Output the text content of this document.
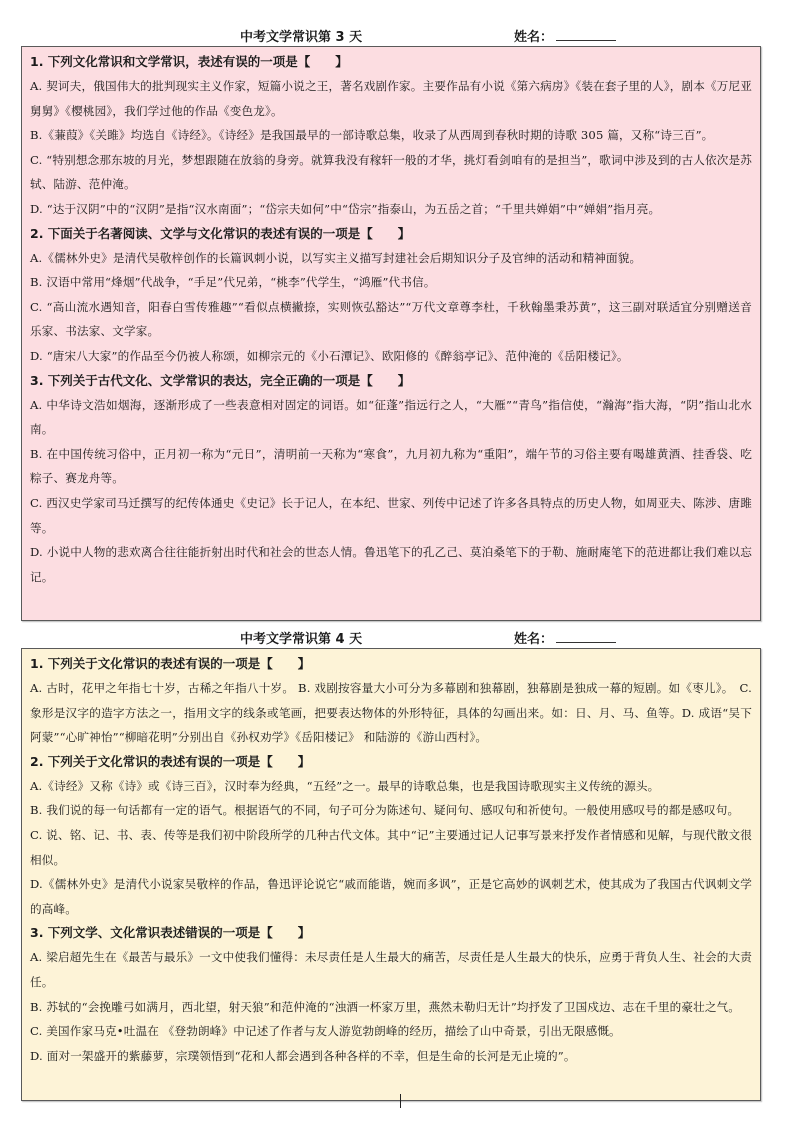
中考文学常识第 3 天	姓名：

1. 下列文化常识和文学常识，表述有误的一项是【　　】

A. 契诃夫，俄国伟大的批判现实主义作家，短篇小说之王，著名戏剧作家。主要作品有小说《第六病房》《装在套子里的人》，剧本《万尼亚舅舅》《樱桃园》，我们学过他的作品《变色龙》。

B.《蒹葭》《关雎》均选自《诗经》。《诗经》是我国最早的一部诗歌总集，收录了从西周到春秋时期的诗歌 305 篇，又称“诗三百”。

C. “特别想念那东坡的月光，梦想跟随在放翁的身旁。就算我没有稼轩一般的才华，挑灯看剑咱有的是担当”，歌词中涉及到的古人依次是苏轼、陆游、范仲淹。

D. “达于汉阴”中的“汉阴”是指“汉水南面”；“岱宗夫如何”中“岱宗”指泰山，为五岳之首；“千里共婵娟”中“婵娟”指月亮。

2. 下面关于名著阅读、文学与文化常识的表述有误的一项是【　　】

A.《儒林外史》是清代吴敬梓创作的长篇讽刺小说，以写实主义描写封建社会后期知识分子及官绅的活动和精神面貌。

B. 汉语中常用“烽烟”代战争，“手足”代兄弟，“桃李”代学生，“鸿雁”代书信。

C. “高山流水遇知音，阳春白雪传雅趣”“看似点横撇捺，实则恢弘豁达”“万代文章尊李杜，千秋翰墨秉苏黄”，这三副对联适宜分别赠送音乐家、书法家、文学家。

D. “唐宋八大家”的作品至今仍被人称颂，如柳宗元的《小石潭记》、欧阳修的《醉翁亭记》、范仲淹的《岳阳楼记》。

3. 下列关于古代文化、文学常识的表达，完全正确的一项是【　　】

A. 中华诗文浩如烟海，逐渐形成了一些表意相对固定的词语。如“征蓬”指远行之人，“大雁”“青鸟”指信使，“瀚海”指大海，“阴”指山北水南。

B. 在中国传统习俗中，正月初一称为“元日”，清明前一天称为“寒食”，九月初九称为“重阳”，端午节的习俗主要有喝雄黄酒、挂香袋、吃粽子、赛龙舟等。

C. 西汉史学家司马迁撰写的纪传体通史《史记》长于记人，在本纪、世家、列传中记述了许多各具特点的历史人物，如周亚夫、陈涉、唐雎等。

D. 小说中人物的悲欢离合往往能折射出时代和社会的世态人情。鲁迅笔下的孔乙己、莫泊桑笔下的于勒、施耐庵笔下的范进都让我们难以忘记。

中考文学常识第 4 天	姓名：

1. 下列关于文化常识的表述有误的一项是【　　】

A. 古时，花甲之年指七十岁，古稀之年指八十岁。 B. 戏剧按容量大小可分为多幕剧和独幕剧，独幕剧是独成一幕的短剧。如《枣儿》。　C. 象形是汉字的造字方法之一，指用文字的线条或笔画，把要表达物体的外形特征，具体的勾画出来。如：日、月、马、鱼等。D. 成语“吴下阿蒙”“心旷神怡”“柳暗花明”分别出自《孙权劝学》《岳阳楼记》 和陆游的《游山西村》。

2. 下列关于文化常识的表述有误的一项是【　　】

A.《诗经》又称《诗》或《诗三百》，汉时奉为经典，“五经”之一。最早的诗歌总集，也是我国诗歌现实主义传统的源头。

B. 我们说的每一句话都有一定的语气。根据语气的不同，句子可分为陈述句、疑问句、感叹句和祈使句。一般使用感叹号的都是感叹句。

C. 说、铭、记、书、表、传等是我们初中阶段所学的几种古代文体。其中“记”主要通过记人记事写景来抒发作者情感和见解，与现代散文很相似。

D.《儒林外史》是清代小说家吴敬梓的作品，鲁迅评论说它“戚而能谐，婉而多讽”，正是它高妙的讽刺艺术，使其成为了我国古代讽刺文学的高峰。

3. 下列文学、文化常识表述错误的一项是【　　】

A. 梁启超先生在《最苦与最乐》一文中使我们懂得：未尽责任是人生最大的痛苦，尽责任是人生最大的快乐，应勇于背负人生、社会的大责任。

B. 苏轼的“会挽雕弓如满月，西北望，射天狼”和范仲淹的“浊酒一杯家万里，燕然未勒归无计”均抒发了卫国戍边、志在千里的豪壮之气。

C. 美国作家马克•吐温在 《登勃朗峰》中记述了作者与友人游览勃朗峰的经历，描绘了山中奇景，引出无限感慨。

D. 面对一架盛开的紫藤萝，宗璞领悟到“花和人都会遇到各种各样的不幸，但是生命的长河是无止境的”。
